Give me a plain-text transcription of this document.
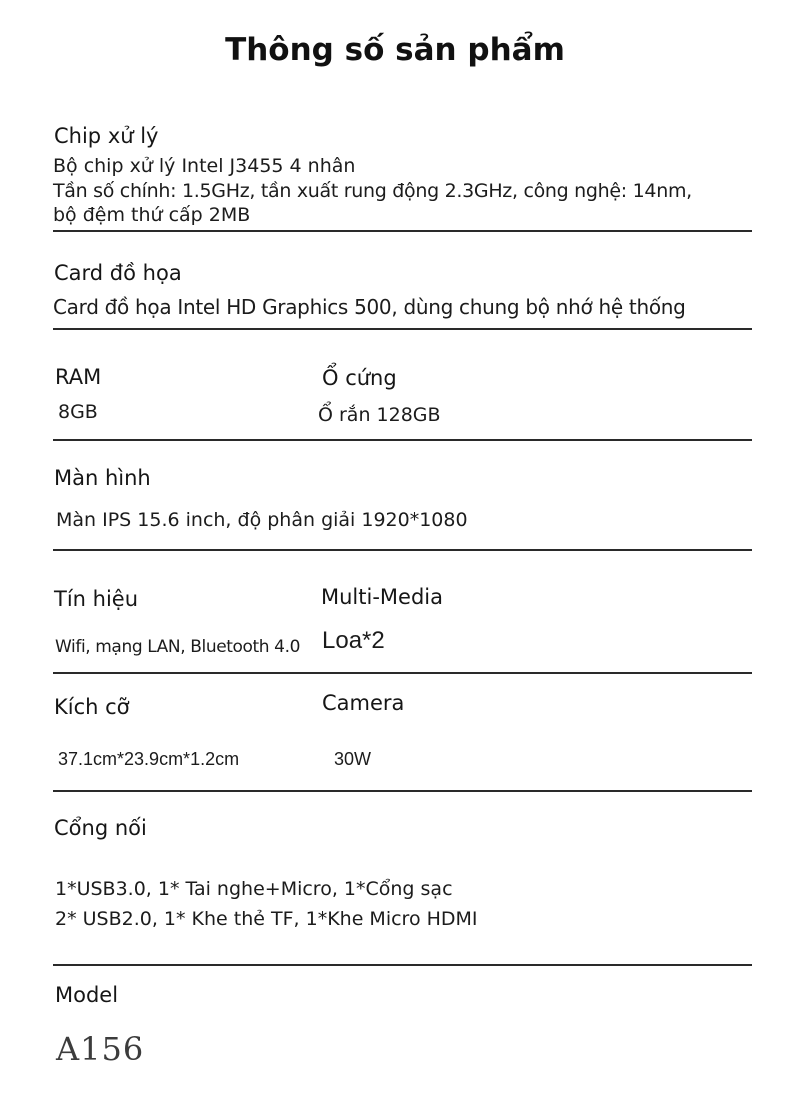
Thông số sản phẩm
Chip xử lý
Bộ chip xử lý Intel J3455 4 nhân
Tần số chính: 1.5GHz, tần xuất rung động 2.3GHz, công nghệ: 14nm,
bộ đệm thứ cấp 2MB
Card đồ họa
Card đồ họa Intel HD Graphics 500, dùng chung bộ nhớ hệ thống
RAM
8GB
Ổ cứng
Ổ rắn 128GB
Màn hình
Màn IPS 15.6 inch, độ phân giải 1920*1080
Tín hiệu
Wifi, mạng LAN, Bluetooth 4.0
Multi-Media
Loa*2
Kích cỡ
37.1cm*23.9cm*1.2cm
Camera
30W
Cổng nối
1*USB3.0, 1* Tai nghe+Micro, 1*Cổng sạc
2* USB2.0, 1* Khe thẻ TF, 1*Khe Micro HDMI
Model
A156
